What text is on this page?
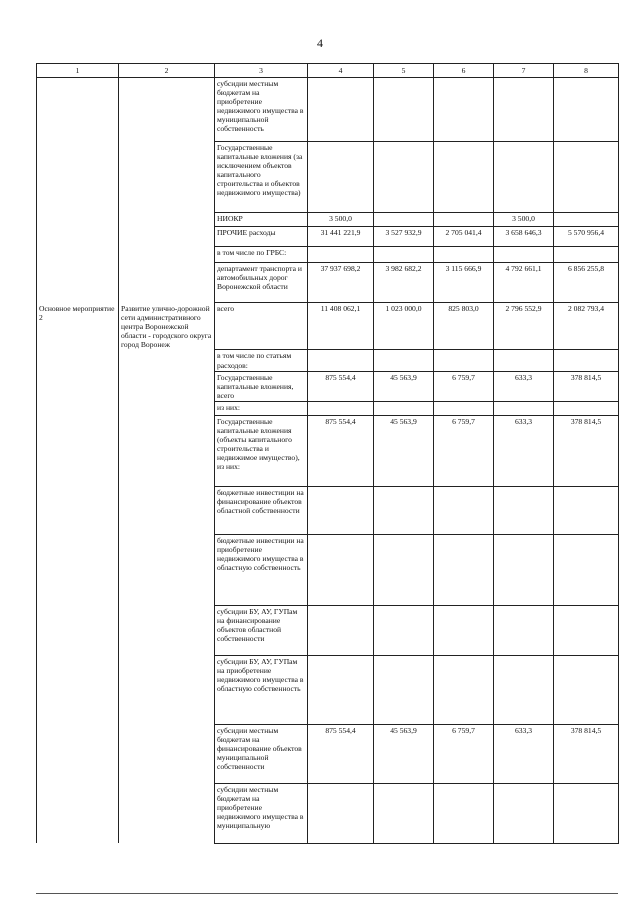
4
1	2	3	4	5	6	7	8
		субсидии местным бюджетам на приобретение недвижимого имущества в муниципальной собственность					
		Государственные капитальные вложения (за исключением объектов капитального строительства и объектов недвижимого имущества)					
		НИОКР	3 500,0			3 500,0	
		ПРОЧИЕ расходы	31 441 221,9	3 527 932,9	2 705 041,4	3 658 646,3	5 570 956,4
		в том числе по ГРБС:					
		департамент транспорта и автомобильных дорог Воронежской области	37 937 698,2	3 982 682,2	3 115 666,9	4 792 661,1	6 856 255,8
Основное мероприятие 2	Развитие улично-дорожной сети административного центра Воронежской области - городского округа город Воронеж	всего	11 408 062,1	1 023 000,0	825 803,0	2 796 552,9	2 082 793,4
		в том числе по статьям расходов:					
		Государственные капитальные вложения, всего	875 554,4	45 563,9	6 759,7	633,3	378 814,5
		из них:					
		Государственные капитальные вложения (объекты капитального строительства и недвижимое имущество), из них:	875 554,4	45 563,9	6 759,7	633,3	378 814,5
		бюджетные инвестиции на финансирование объектов областной собственности					
		бюджетные инвестиции на приобретение недвижимого имущества в областную собственность					
		субсидии БУ, АУ, ГУПам на финансирование объектов областной собственности					
		субсидии БУ, АУ, ГУПам на приобретение недвижимого имущества в областную собственность					
		субсидии местным бюджетам на финансирование объектов муниципальной собственности	875 554,4	45 563,9	6 759,7	633,3	378 814,5
		субсидии местным бюджетам на приобретение недвижимого имущества в муниципальную					
